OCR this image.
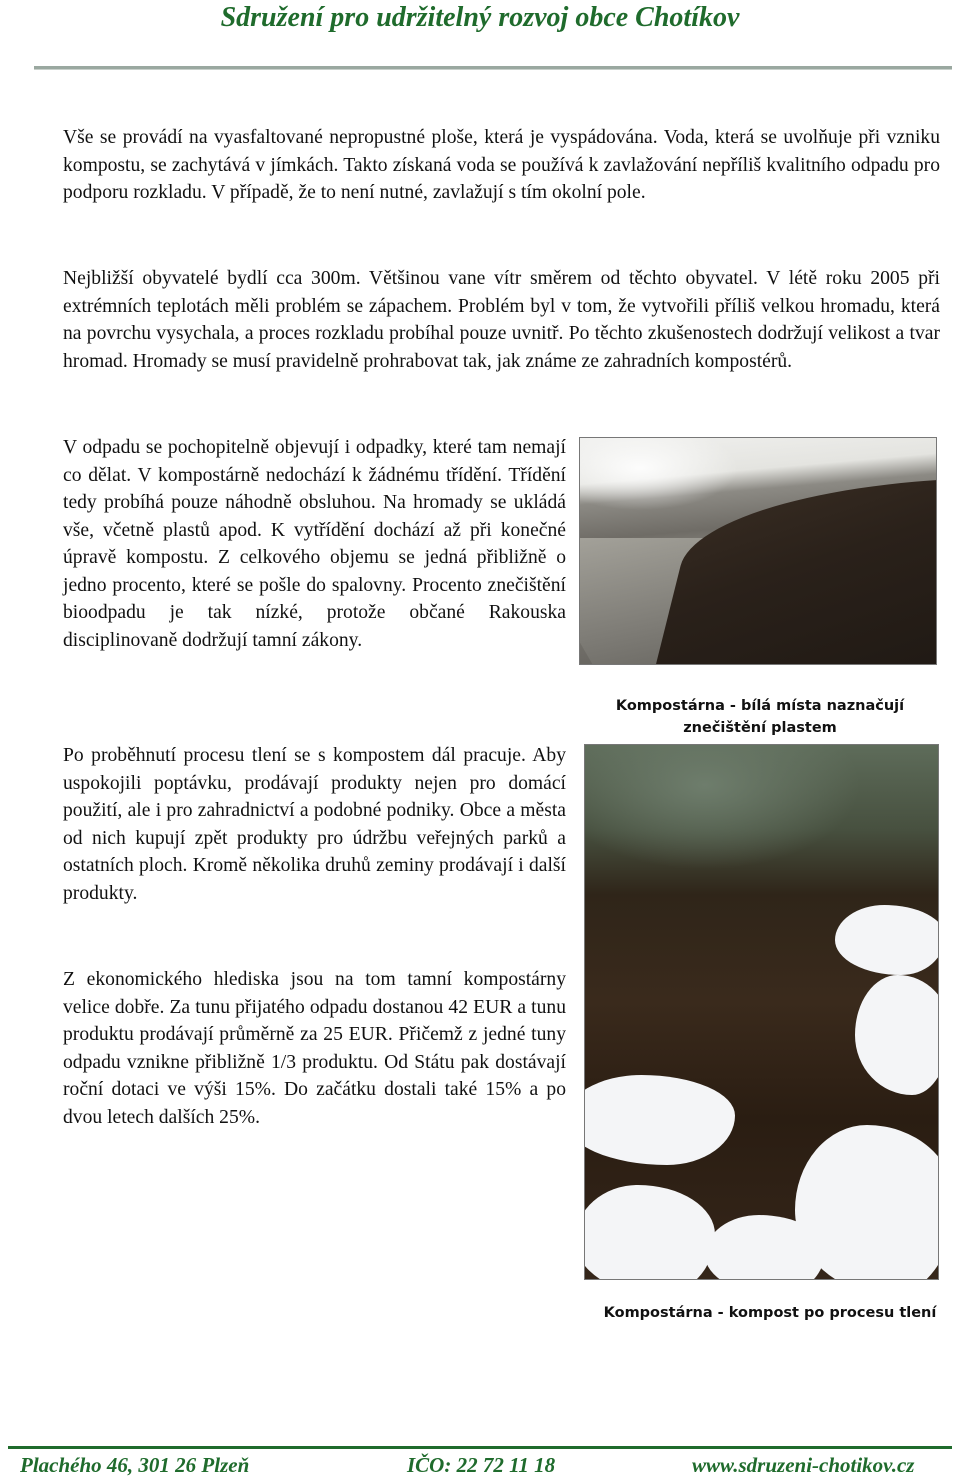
Sdružení pro udržitelný rozvoj obce Chotíkov

Vše se provádí na vyasfaltované nepropustné ploše, která je vyspádována. Voda, která se uvolňuje při vzniku kompostu, se zachytává v jímkách. Takto získaná voda se používá k zavlažování nepříliš kvalitního odpadu pro podporu rozkladu. V případě, že to není nutné, zavlažují s tím okolní pole.

Nejbližší obyvatelé bydlí cca 300m. Většinou vane vítr směrem od těchto obyvatel. V létě roku 2005 při extrémních teplotách měli problém se zápachem. Problém byl v tom, že vytvořili příliš velkou hromadu, která na povrchu vysychala, a proces rozkladu probíhal pouze uvnitř. Po těchto zkušenostech dodržují velikost a tvar hromad. Hromady se musí pravidelně prohrabovat tak, jak známe ze zahradních kompostérů.

V odpadu se pochopitelně objevují i odpadky, které tam nemají co dělat. V kompostárně nedochází k žádnému třídění. Třídění tedy probíhá pouze náhodně obsluhou. Na hromady se ukládá vše, včetně plastů apod. K vytřídění dochází až při konečné úpravě kompostu. Z celkového objemu se jedná přibližně o jedno procento, které se pošle do spalovny. Procento znečištění bioodpadu je tak nízké, protože občané Rakouska disciplinovaně dodržují tamní zákony.

Po proběhnutí procesu tlení se s kompostem dál pracuje. Aby uspokojili poptávku, prodávají produkty nejen pro domácí použití, ale i pro zahradnictví a podobné podniky. Obce a města od nich kupují zpět produkty pro údržbu veřejných parků a ostatních ploch. Kromě několika druhů zeminy prodávají i další produkty.

Z ekonomického hlediska jsou na tom tamní kompostárny velice dobře. Za tunu přijatého odpadu dostanou 42 EUR a tunu produktu prodávají průměrně za 25 EUR. Přičemž z jedné tuny odpadu vznikne přibližně 1/3 produktu. Od Státu pak dostávají roční dotaci ve výši 15%. Do začátku dostali také 15% a po dvou letech dalších 25%.

Kompostárna - bílá místa naznačují znečištění plastem
Kompostárna - kompost po procesu tlení
Plachého 46, 301 26 Plzeň	IČO: 22 72 11 18	www.sdruzeni-chotikov.cz
